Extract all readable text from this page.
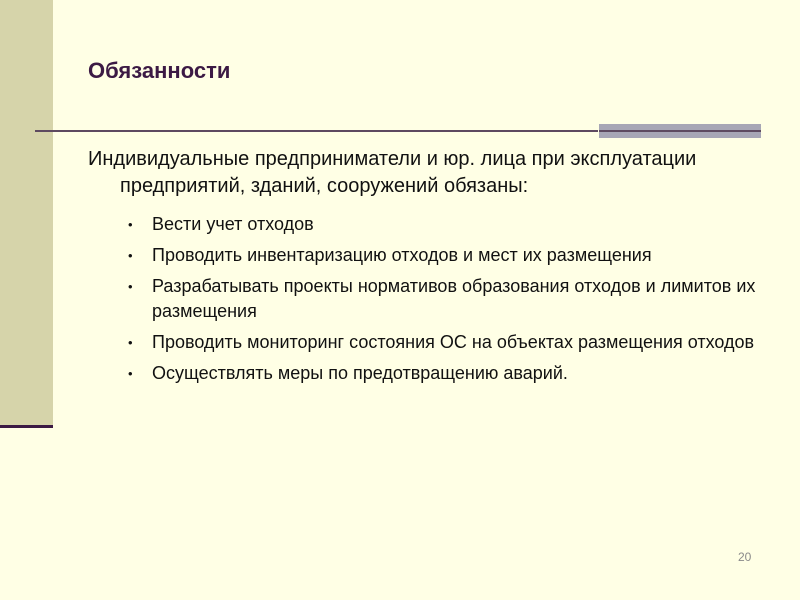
Обязанности

Индивидуальные предприниматели и юр. лица при эксплуатации предприятий, зданий, сооружений обязаны:

• Вести учет отходов
• Проводить инвентаризацию отходов и мест их размещения
• Разрабатывать проекты нормативов образования отходов и лимитов их размещения
• Проводить мониторинг состояния ОС на объектах размещения отходов
• Осуществлять меры по предотвращению аварий.
20
